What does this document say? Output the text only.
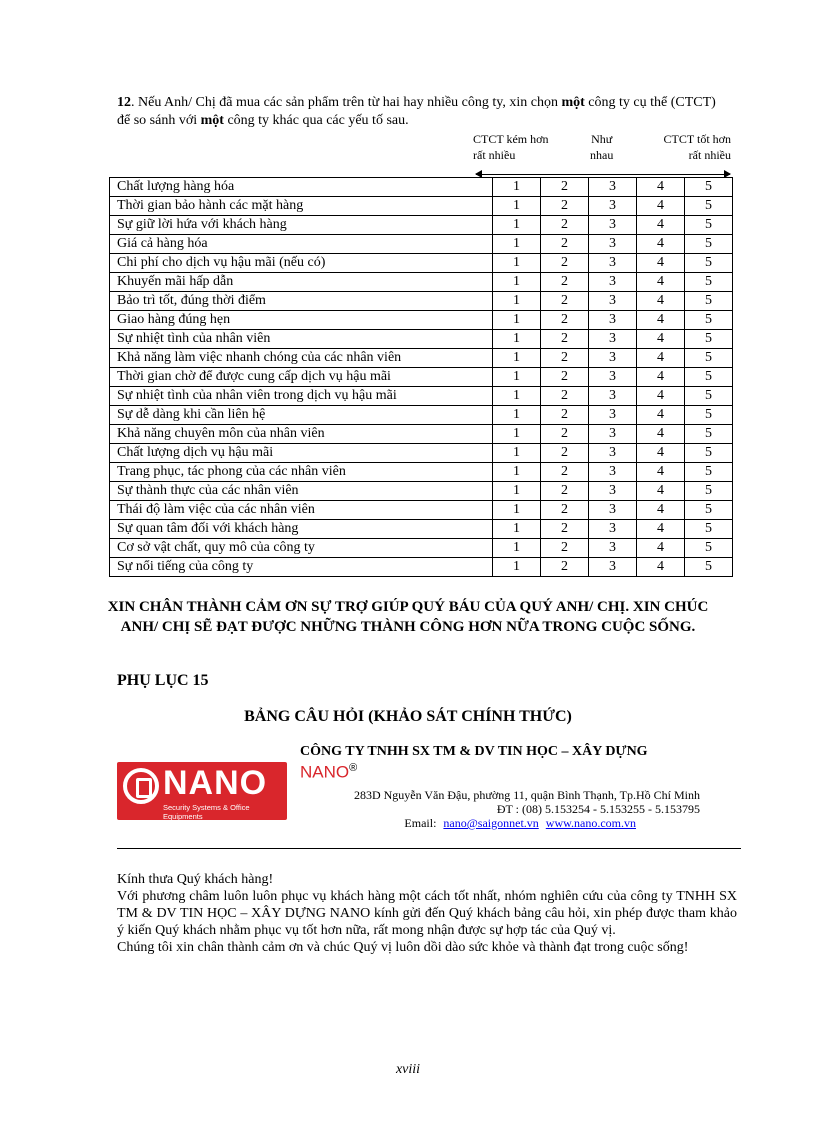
12. Nếu Anh/ Chị đã mua các sản phẩm trên từ hai hay nhiều công ty, xin chọn một công ty cụ thể (CTCT) để so sánh với một công ty khác qua các yếu tố sau.
CTCT kém hơn
rất nhiều
Như
nhau
CTCT tốt hơn
rất nhiều
Chất lượng hàng hóa	1	2	3	4	5
Thời gian bảo hành các mặt hàng	1	2	3	4	5
Sự giữ lời hứa với khách hàng	1	2	3	4	5
Giá cả hàng hóa	1	2	3	4	5
Chi phí cho dịch vụ hậu mãi (nếu có)	1	2	3	4	5
Khuyến mãi hấp dẫn	1	2	3	4	5
Bảo trì tốt, đúng thời điểm	1	2	3	4	5
Giao hàng đúng hẹn	1	2	3	4	5
Sự nhiệt tình của nhân viên	1	2	3	4	5
Khả năng làm việc nhanh chóng của các nhân viên	1	2	3	4	5
Thời gian chờ để được cung cấp dịch vụ hậu mãi	1	2	3	4	5
Sự nhiệt tình của nhân viên trong dịch vụ hậu mãi	1	2	3	4	5
Sự dễ dàng khi cần liên hệ	1	2	3	4	5
Khả năng chuyên môn của nhân viên	1	2	3	4	5
Chất lượng dịch vụ hậu mãi	1	2	3	4	5
Trang phục, tác phong của các nhân viên	1	2	3	4	5
Sự thành thực của các nhân viên	1	2	3	4	5
Thái độ làm việc của các nhân viên	1	2	3	4	5
Sự quan tâm đối với khách hàng	1	2	3	4	5
Cơ sở vật chất, quy mô của công ty	1	2	3	4	5
Sự nổi tiếng của công ty	1	2	3	4	5
XIN CHÂN THÀNH CẢM ƠN SỰ TRỢ GIÚP QUÝ BÁU CỦA QUÝ ANH/ CHỊ. XIN CHÚC ANH/ CHỊ SẼ ĐẠT ĐƯỢC NHỮNG THÀNH CÔNG HƠN NỮA TRONG CUỘC SỐNG.
PHỤ LỤC 15
BẢNG CÂU HỎI (KHẢO SÁT CHÍNH THỨC)
NANO
Security Systems & Office Equipments
CÔNG TY TNHH SX TM & DV TIN HỌC – XÂY DỰNG
NANO®
283D Nguyễn Văn Đậu, phường 11, quận Bình Thạnh, Tp.Hồ Chí Minh
ĐT : (08) 5.153254 - 5.153255 - 5.153795
Email: nano@saigonnet.vn www.nano.com.vn

Kính thưa Quý khách hàng!

Với phương châm luôn luôn phục vụ khách hàng một cách tốt nhất, nhóm nghiên cứu của công ty TNHH SX TM & DV TIN HỌC – XÂY DỰNG NANO kính gửi đến Quý khách bảng câu hỏi, xin phép được tham khảo ý kiến Quý khách nhằm phục vụ tốt hơn nữa, rất mong nhận được sự hợp tác của Quý vị.

Chúng tôi xin chân thành cảm ơn và chúc Quý vị luôn dồi dào sức khỏe và thành đạt trong cuộc sống!

xviii
